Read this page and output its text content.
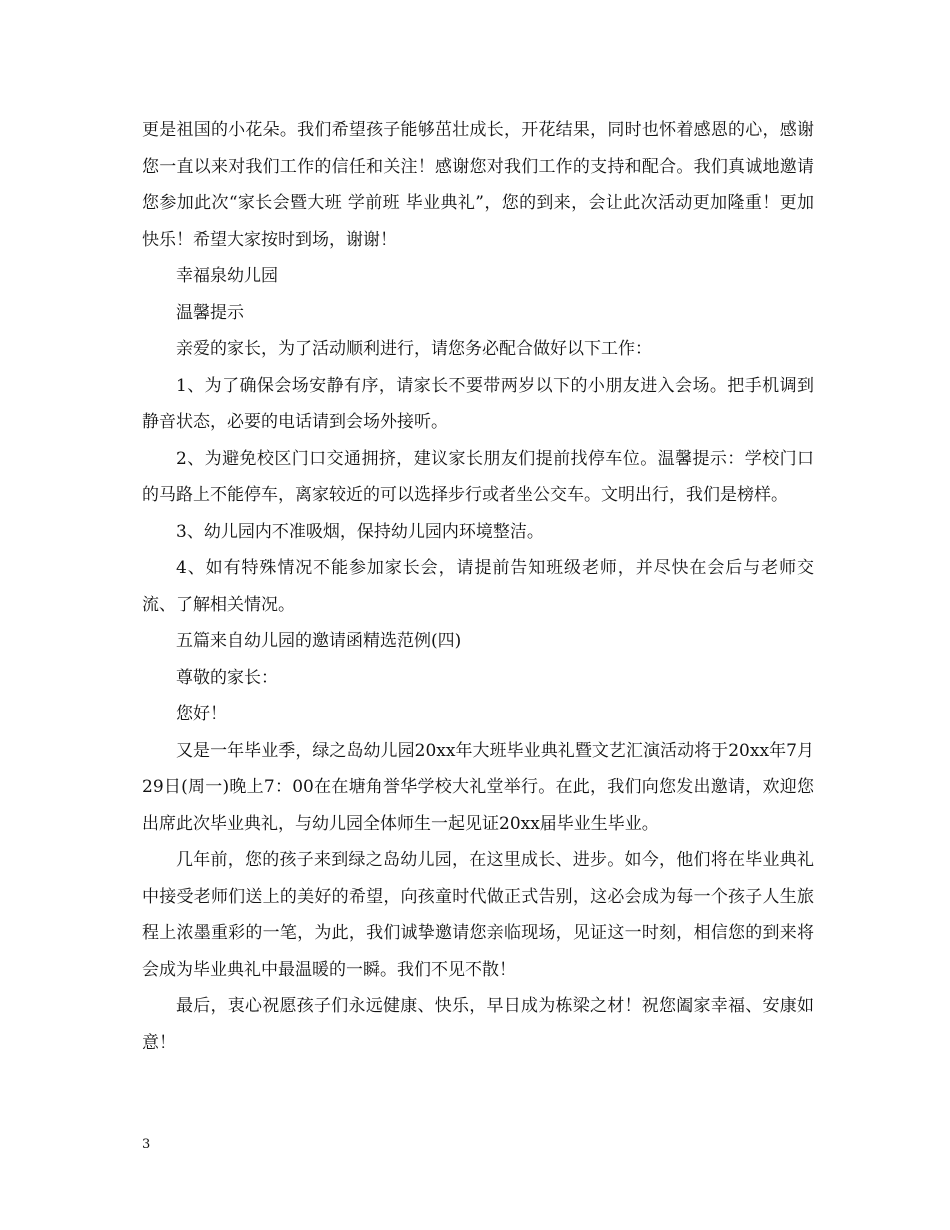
更是祖国的小花朵。我们希望孩子能够茁壮成长，开花结果，同时也怀着感恩的心，感谢您一直以来对我们工作的信任和关注！感谢您对我们工作的支持和配合。我们真诚地邀请您参加此次“家长会暨大班 学前班 毕业典礼”，您的到来，会让此次活动更加隆重！更加快乐！希望大家按时到场，谢谢！

幸福泉幼儿园

温馨提示

亲爱的家长，为了活动顺利进行，请您务必配合做好以下工作：

1、为了确保会场安静有序，请家长不要带两岁以下的小朋友进入会场。把手机调到静音状态，必要的电话请到会场外接听。

2、为避免校区门口交通拥挤，建议家长朋友们提前找停车位。温馨提示：学校门口的马路上不能停车，离家较近的可以选择步行或者坐公交车。文明出行，我们是榜样。

3、幼儿园内不准吸烟，保持幼儿园内环境整洁。

4、如有特殊情况不能参加家长会，请提前告知班级老师，并尽快在会后与老师交流、了解相关情况。

五篇来自幼儿园的邀请函精选范例(四)

尊敬的家长：

您好！

又是一年毕业季，绿之岛幼儿园20xx年大班毕业典礼暨文艺汇演活动将于20xx年7月29日(周一)晚上7：00在在塘角誉华学校大礼堂举行。在此，我们向您发出邀请，欢迎您出席此次毕业典礼，与幼儿园全体师生一起见证20xx届毕业生毕业。

几年前，您的孩子来到绿之岛幼儿园，在这里成长、进步。如今，他们将在毕业典礼中接受老师们送上的美好的希望，向孩童时代做正式告别，这必会成为每一个孩子人生旅程上浓墨重彩的一笔，为此，我们诚挚邀请您亲临现场，见证这一时刻，相信您的到来将会成为毕业典礼中最温暖的一瞬。我们不见不散！

最后，衷心祝愿孩子们永远健康、快乐，早日成为栋梁之材！祝您阖家幸福、安康如意！

3
